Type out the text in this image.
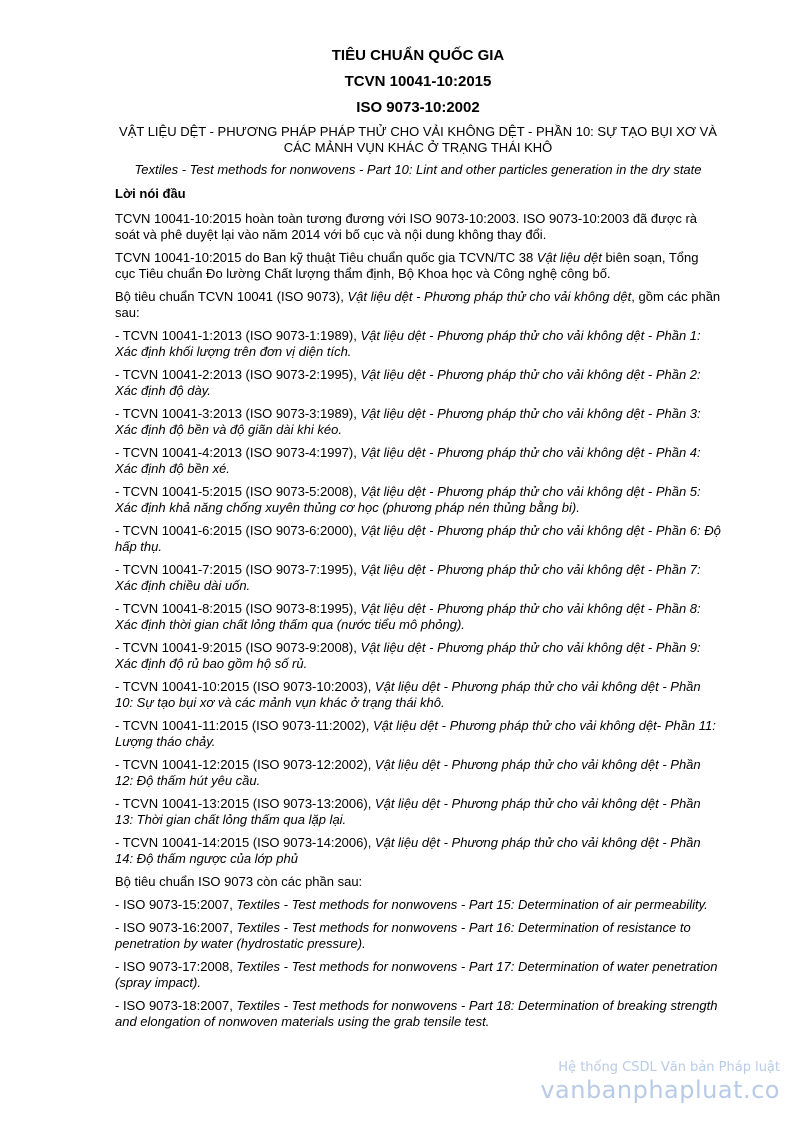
TIÊU CHUẨN QUỐC GIA
TCVN 10041-10:2015
ISO 9073-10:2002
VẬT LIỆU DỆT - PHƯƠNG PHÁP PHÁP THỬ CHO VẢI KHÔNG DỆT - PHẦN 10: SỰ TẠO BỤI XƠ VÀ CÁC MẢNH VỤN KHÁC Ở TRẠNG THÁI KHÔ
Textiles - Test methods for nonwovens - Part 10: Lint and other particles generation in the dry state
Lời nói đầu

TCVN 10041-10:2015 hoàn toàn tương đương với ISO 9073-10:2003. ISO 9073-10:2003 đã được rà soát và phê duyệt lại vào năm 2014 với bố cục và nội dung không thay đổi.

TCVN 10041-10:2015 do Ban kỹ thuật Tiêu chuẩn quốc gia TCVN/TC 38 Vật liệu dệt biên soạn, Tổng cục Tiêu chuẩn Đo lường Chất lượng thẩm định, Bộ Khoa học và Công nghệ công bố.

Bộ tiêu chuẩn TCVN 10041 (ISO 9073), Vật liệu dệt - Phương pháp thử cho vải không dệt, gồm các phần sau:

- TCVN 10041-1:2013 (ISO 9073-1:1989), Vật liệu dệt - Phương pháp thử cho vải không dệt - Phần 1: Xác định khối lượng trên đơn vị diện tích.

- TCVN 10041-2:2013 (ISO 9073-2:1995), Vật liệu dệt - Phương pháp thử cho vải không dệt - Phần 2: Xác định độ dày.

- TCVN 10041-3:2013 (ISO 9073-3:1989), Vật liệu dệt - Phương pháp thử cho vải không dệt - Phần 3: Xác định độ bền và độ giãn dài khi kéo.

- TCVN 10041-4:2013 (ISO 9073-4:1997), Vật liệu dệt - Phương pháp thử cho vải không dệt - Phần 4: Xác định độ bền xé.

- TCVN 10041-5:2015 (ISO 9073-5:2008), Vật liệu dệt - Phương pháp thử cho vải không dệt - Phần 5: Xác định khả năng chống xuyên thủng cơ học (phương pháp nén thủng bằng bi).

- TCVN 10041-6:2015 (ISO 9073-6:2000), Vật liệu dệt - Phương pháp thử cho vải không dệt - Phần 6: Độ hấp thụ.

- TCVN 10041-7:2015 (ISO 9073-7:1995), Vật liệu dệt - Phương pháp thử cho vải không dệt - Phần 7: Xác định chiều dài uốn.

- TCVN 10041-8:2015 (ISO 9073-8:1995), Vật liệu dệt - Phương pháp thử cho vải không dệt - Phần 8: Xác định thời gian chất lỏng thấm qua (nước tiểu mô phỏng).

- TCVN 10041-9:2015 (ISO 9073-9:2008), Vật liệu dệt - Phương pháp thử cho vải không dệt - Phần 9: Xác định độ rủ bao gồm hộ số rủ.

- TCVN 10041-10:2015 (ISO 9073-10:2003), Vật liệu dệt - Phương pháp thử cho vải không dệt - Phần 10: Sự tạo bụi xơ và các mảnh vụn khác ở trạng thái khô.

- TCVN 10041-11:2015 (ISO 9073-11:2002), Vật liệu dệt - Phương pháp thử cho vải không dệt- Phần 11: Lượng tháo chảy.

- TCVN 10041-12:2015 (ISO 9073-12:2002), Vật liệu dệt - Phương pháp thử cho vải không dệt - Phần 12: Độ thấm hút yêu cầu.

- TCVN 10041-13:2015 (ISO 9073-13:2006), Vật liệu dệt - Phương pháp thử cho vải không dệt - Phần 13: Thời gian chất lỏng thấm qua lặp lại.

- TCVN 10041-14:2015 (ISO 9073-14:2006), Vật liệu dệt - Phương pháp thử cho vải không dệt - Phần 14: Độ thấm ngược của lớp phủ

Bộ tiêu chuẩn ISO 9073 còn các phần sau:

- ISO 9073-15:2007, Textiles - Test methods for nonwovens - Part 15: Determination of air permeability.

- ISO 9073-16:2007, Textiles - Test methods for nonwovens - Part 16: Determination of resistance to penetration by water (hydrostatic pressure).

- ISO 9073-17:2008, Textiles - Test methods for nonwovens - Part 17: Determination of water penetration (spray impact).

- ISO 9073-18:2007, Textiles - Test methods for nonwovens - Part 18: Determination of breaking strength and elongation of nonwoven materials using the grab tensile test.

Hệ thống CSDL Văn bản Pháp luật
vanbanphapluat.co
